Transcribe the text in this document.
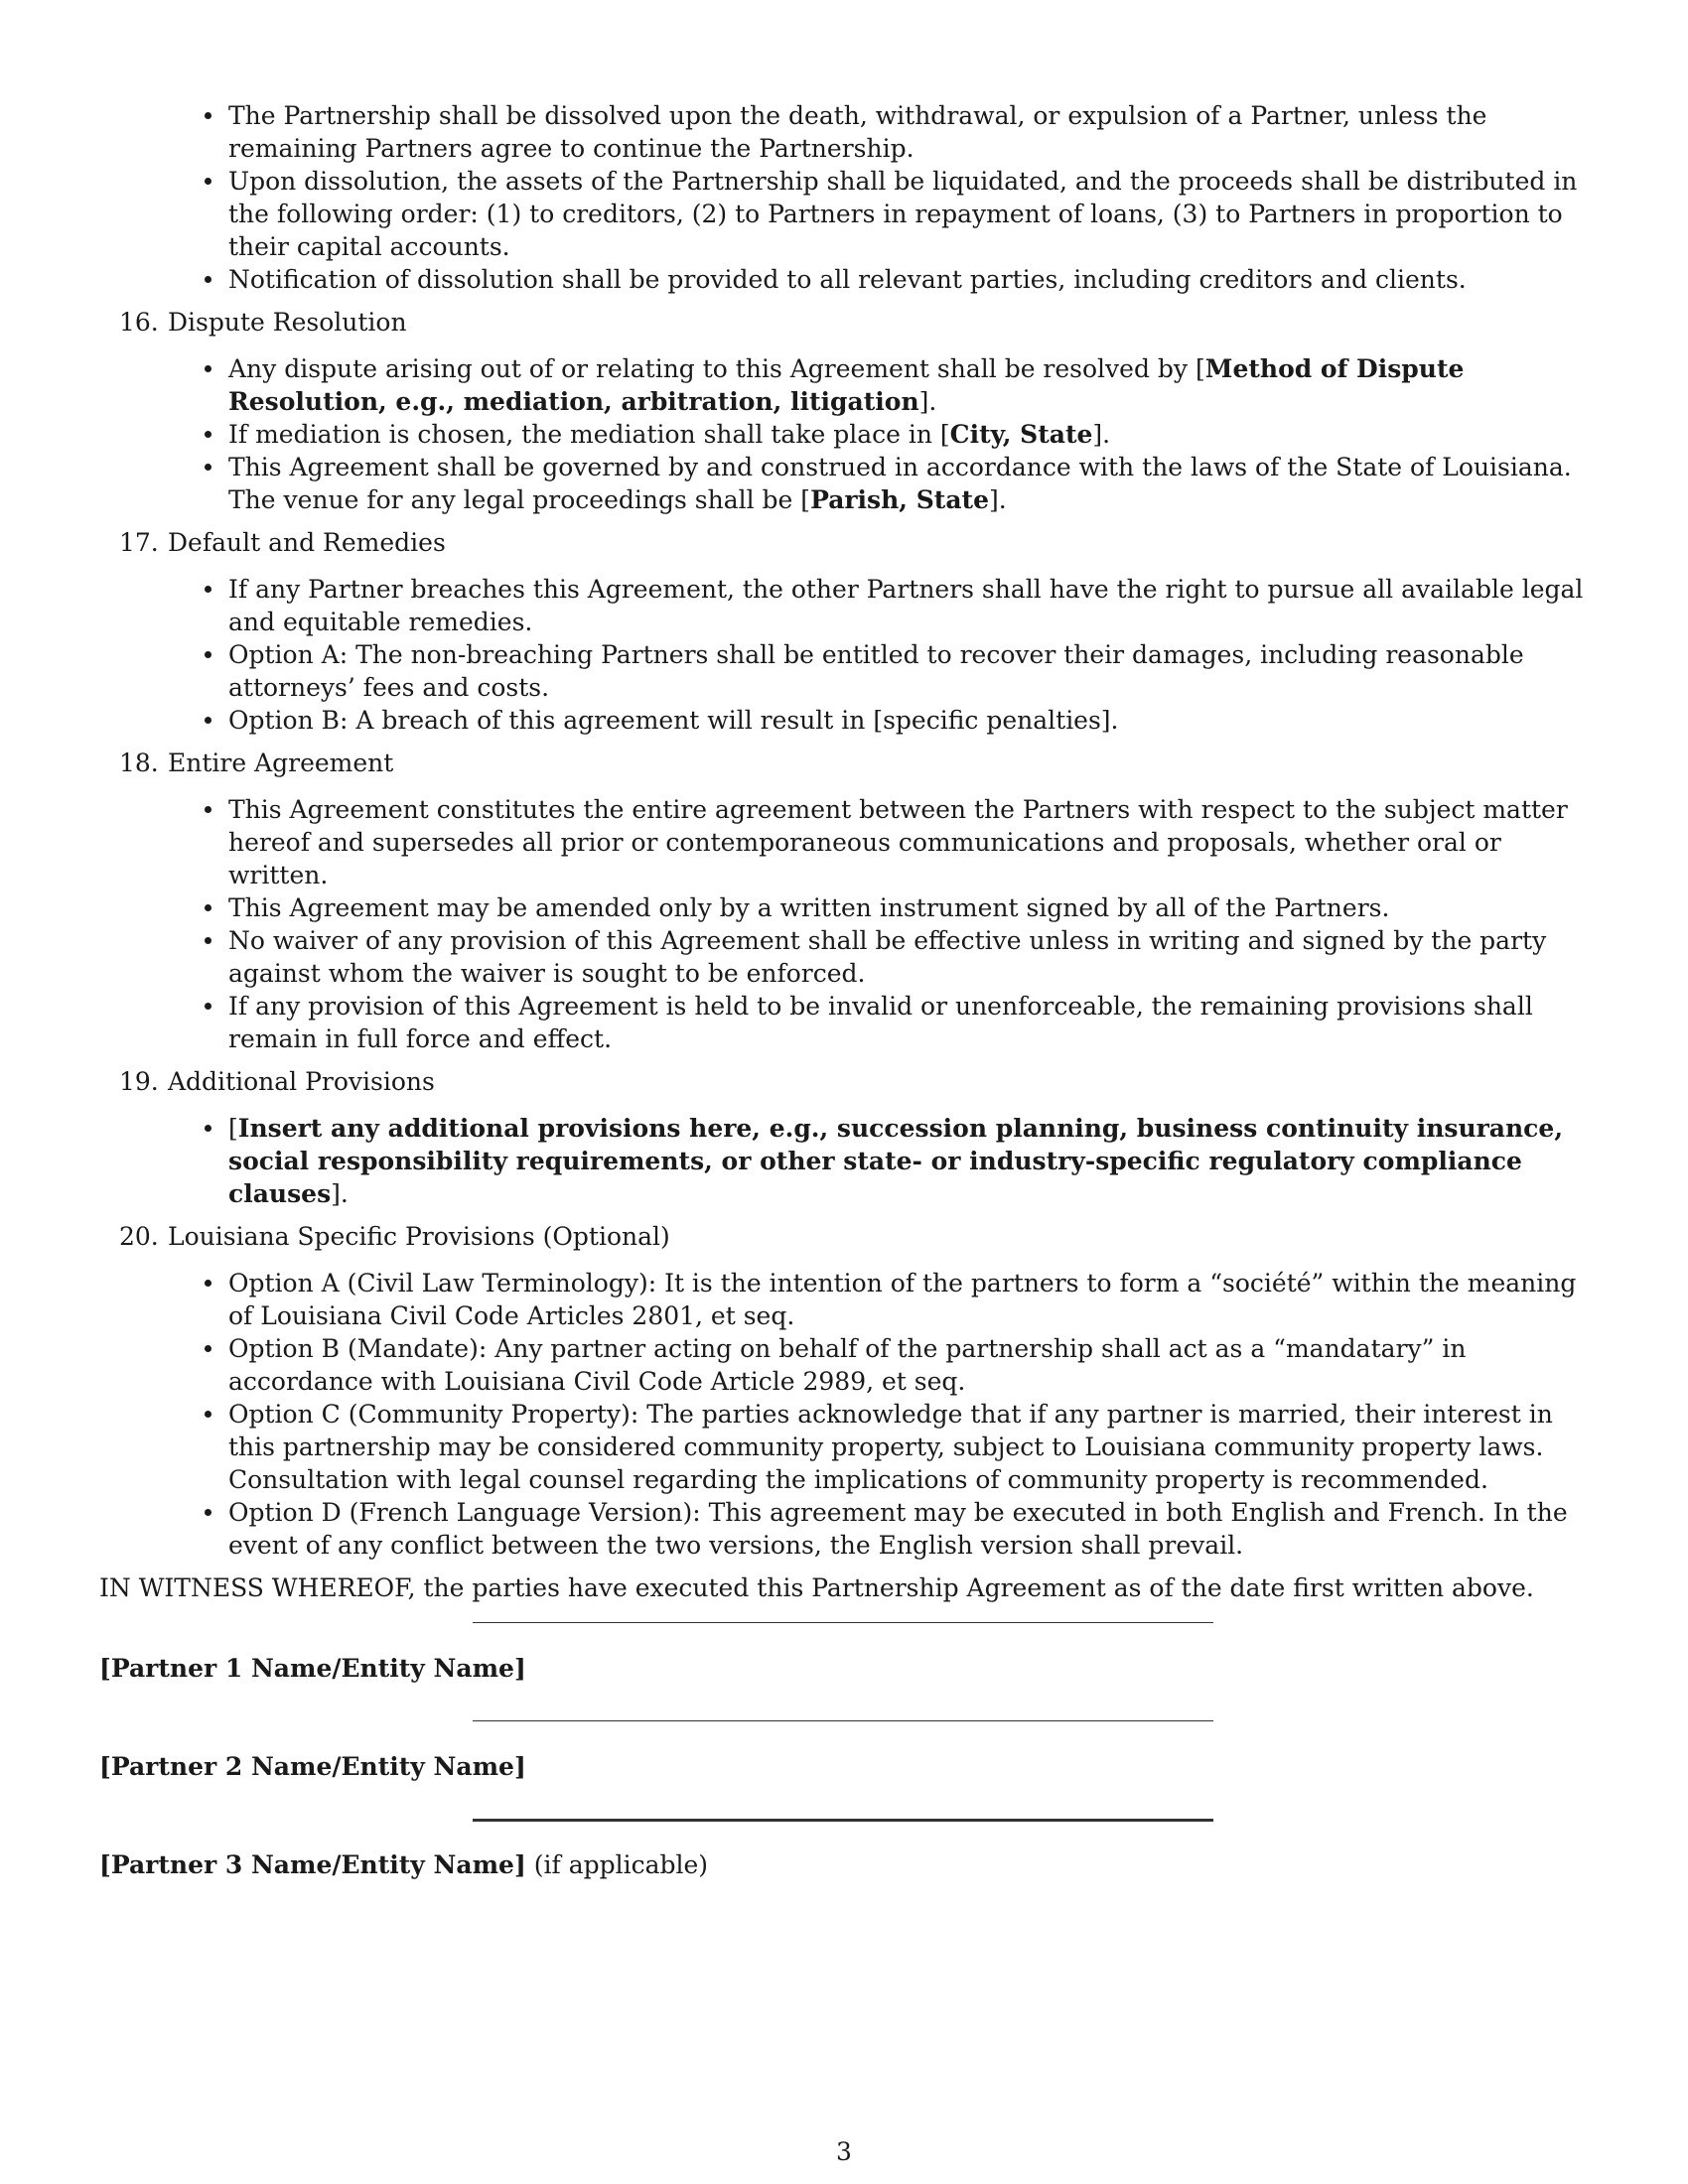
The Partnership shall be dissolved upon the death, withdrawal, or expulsion of a Partner, unless the remaining Partners agree to continue the Partnership.
Upon dissolution, the assets of the Partnership shall be liquidated, and the proceeds shall be distributed in the following order: (1) to creditors, (2) to Partners in repayment of loans, (3) to Partners in proportion to their capital accounts.
Notification of dissolution shall be provided to all relevant parties, including creditors and clients.
16. Dispute Resolution
Any dispute arising out of or relating to this Agreement shall be resolved by [Method of Dispute Resolution, e.g., mediation, arbitration, litigation].
If mediation is chosen, the mediation shall take place in [City, State].
This Agreement shall be governed by and construed in accordance with the laws of the State of Louisiana. The venue for any legal proceedings shall be [Parish, State].
17. Default and Remedies
If any Partner breaches this Agreement, the other Partners shall have the right to pursue all available legal and equitable remedies.
Option A: The non-breaching Partners shall be entitled to recover their damages, including reasonable attorneys’ fees and costs.
Option B: A breach of this agreement will result in [specific penalties].
18. Entire Agreement
This Agreement constitutes the entire agreement between the Partners with respect to the subject matter hereof and supersedes all prior or contemporaneous communications and proposals, whether oral or written.
This Agreement may be amended only by a written instrument signed by all of the Partners.
No waiver of any provision of this Agreement shall be effective unless in writing and signed by the party against whom the waiver is sought to be enforced.
If any provision of this Agreement is held to be invalid or unenforceable, the remaining provisions shall remain in full force and effect.
19. Additional Provisions
[Insert any additional provisions here, e.g., succession planning, business continuity insurance, social responsibility requirements, or other state- or industry-specific regulatory compliance clauses].
20. Louisiana Specific Provisions (Optional)
Option A (Civil Law Terminology): It is the intention of the partners to form a “société” within the meaning of Louisiana Civil Code Articles 2801, et seq.
Option B (Mandate): Any partner acting on behalf of the partnership shall act as a “mandatary” in accordance with Louisiana Civil Code Article 2989, et seq.
Option C (Community Property): The parties acknowledge that if any partner is married, their interest in this partnership may be considered community property, subject to Louisiana community property laws. Consultation with legal counsel regarding the implications of community property is recommended.
Option D (French Language Version): This agreement may be executed in both English and French. In the event of any conflict between the two versions, the English version shall prevail.
IN WITNESS WHEREOF, the parties have executed this Partnership Agreement as of the date first written above.
[Partner 1 Name/Entity Name]
[Partner 2 Name/Entity Name]
[Partner 3 Name/Entity Name] (if applicable)
3
